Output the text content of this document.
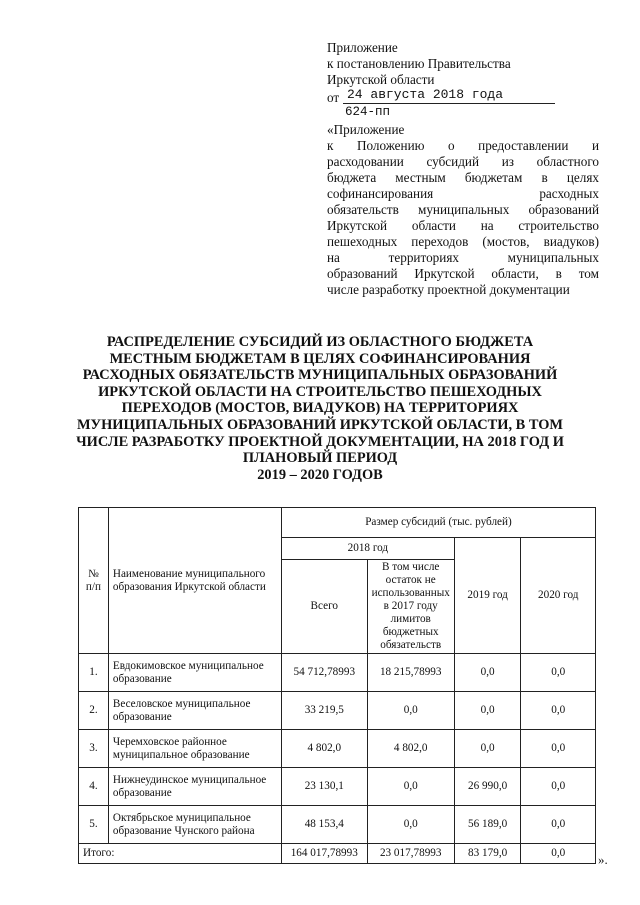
Приложение
к постановлению Правительства
Иркутской области
от 24 августа 2018 года
624-пп
«Приложение
к Положению о предоставлении и
расходовании субсидий из областного
бюджета местным бюджетам в целях
софинансирования расходных
обязательств муниципальных образований
Иркутской области на строительство
пешеходных переходов (мостов, виадуков)
на территориях муниципальных
образований Иркутской области, в том
числе разработку проектной документации
РАСПРЕДЕЛЕНИЕ СУБСИДИЙ ИЗ ОБЛАСТНОГО БЮДЖЕТА
МЕСТНЫМ БЮДЖЕТАМ В ЦЕЛЯХ СОФИНАНСИРОВАНИЯ
РАСХОДНЫХ ОБЯЗАТЕЛЬСТВ МУНИЦИПАЛЬНЫХ ОБРАЗОВАНИЙ
ИРКУТСКОЙ ОБЛАСТИ НА СТРОИТЕЛЬСТВО ПЕШЕХОДНЫХ
ПЕРЕХОДОВ (МОСТОВ, ВИАДУКОВ) НА ТЕРРИТОРИЯХ
МУНИЦИПАЛЬНЫХ ОБРАЗОВАНИЙ ИРКУТСКОЙ ОБЛАСТИ, В ТОМ
ЧИСЛЕ РАЗРАБОТКУ ПРОЕКТНОЙ ДОКУМЕНТАЦИИ, НА 2018 ГОД И
ПЛАНОВЫЙ ПЕРИОД
2019 – 2020 ГОДОВ
№ п/п	Наименование муниципального образования Иркутской области	Размер субсидий (тыс. рублей)			
		2018 год		2019 год	2020 год
		Всего	В том числе остаток не использованных в 2017 году лимитов бюджетных обязательств		
1.	Евдокимовское муниципальное образование	54 712,78993	18 215,78993	0,0	0,0
2.	Веселовское муниципальное образование	33 219,5	0,0	0,0	0,0
3.	Черемховское районное муниципальное образование	4 802,0	4 802,0	0,0	0,0
4.	Нижнеудинское муниципальное образование	23 130,1	0,0	26 990,0	0,0
5.	Октябрьское муниципальное образование Чунского района	48 153,4	0,0	56 189,0	0,0
Итого:		164 017,78993	23 017,78993	83 179,0	0,0	».
